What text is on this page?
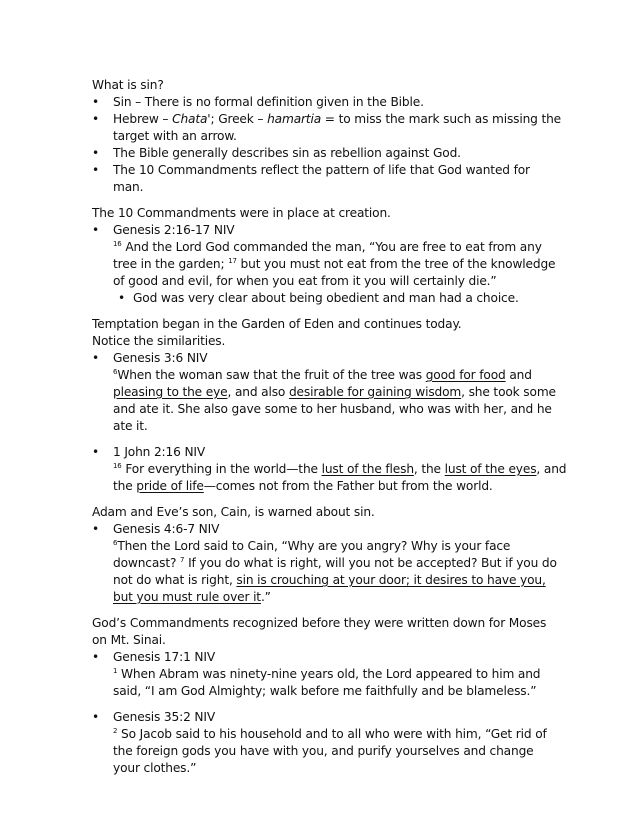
What is sin?
• Sin – There is no formal definition given in the Bible.
• Hebrew – Chata'; Greek – hamartia = to miss the mark such as missing the
target with an arrow.
• The Bible generally describes sin as rebellion against God.
• The 10 Commandments reflect the pattern of life that God wanted for
man.
The 10 Commandments were in place at creation.
• Genesis 2:16-17 NIV
$^{16}$ And the Lord God commanded the man, “You are free to eat from any
tree in the garden; $^{17}$ but you must not eat from the tree of the knowledge
of good and evil, for when you eat from it you will certainly die.”
• God was very clear about being obedient and man had a choice.
Temptation began in the Garden of Eden and continues today.
Notice the similarities.
• Genesis 3:6 NIV
$^6$When the woman saw that the fruit of the tree was good for food and
pleasing to the eye, and also desirable for gaining wisdom, she took some
and ate it. She also gave some to her husband, who was with her, and he
ate it.
• 1 John 2:16 NIV
$^{16}$ For everything in the world—the lust of the flesh, the lust of the eyes, and
the pride of life—comes not from the Father but from the world.
Adam and Eve’s son, Cain, is warned about sin.
• Genesis 4:6-7 NIV
$^6$Then the Lord said to Cain, “Why are you angry? Why is your face
downcast? $^7$ If you do what is right, will you not be accepted? But if you do
not do what is right, sin is crouching at your door; it desires to have you,
but you must rule over it.”
God’s Commandments recognized before they were written down for Moses
on Mt. Sinai.
• Genesis 17:1 NIV
$^1$ When Abram was ninety-nine years old, the Lord appeared to him and
said, “I am God Almighty; walk before me faithfully and be blameless.”
• Genesis 35:2 NIV
$^2$ So Jacob said to his household and to all who were with him, “Get rid of
the foreign gods you have with you, and purify yourselves and change
your clothes.”
